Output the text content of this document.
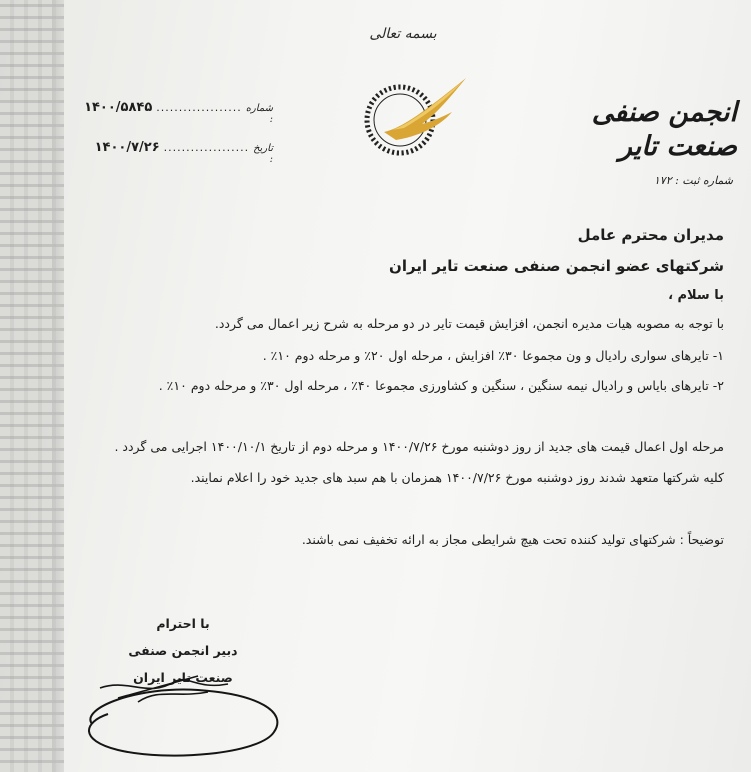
بسمه تعالی
انجمن صنفی صنعت تایر
شماره ثبت : ۱۷۲
شماره :
...................
۱۴۰۰/۵۸۴۵
تاریخ :
...................
۱۴۰۰/۷/۲۶
مدیران محترم عامل
شرکتهای عضو انجمن صنفی صنعت تایر ایران
با سلام ،
با توجه به مصوبه هیات مدیره انجمن، افزایش قیمت تایر در دو مرحله به شرح زیر اعمال می گردد.
۱- تایرهای سواری رادیال و ون مجموعا ۳۰٪ افزایش ، مرحله اول ۲۰٪ و مرحله دوم ۱۰٪ .
۲- تایرهای بایاس و رادیال نیمه سنگین ، سنگین و کشاورزی مجموعا ۴۰٪ ، مرحله اول ۳۰٪ و مرحله دوم ۱۰٪ .
مرحله اول اعمال قیمت های جدید از روز دوشنبه مورخ ۱۴۰۰/۷/۲۶ و مرحله دوم از تاریخ ۱۴۰۰/۱۰/۱ اجرایی می گردد . کلیه شرکتها متعهد شدند روز دوشنبه مورخ ۱۴۰۰/۷/۲۶ همزمان با هم سبد های جدید خود را اعلام نمایند.
توضیحاً : شرکتهای تولید کننده تحت هیچ شرایطی مجاز به ارائه تخفیف نمی باشند.
با احترام
دبیر انجمن صنفی
صنعت تایر ایران
